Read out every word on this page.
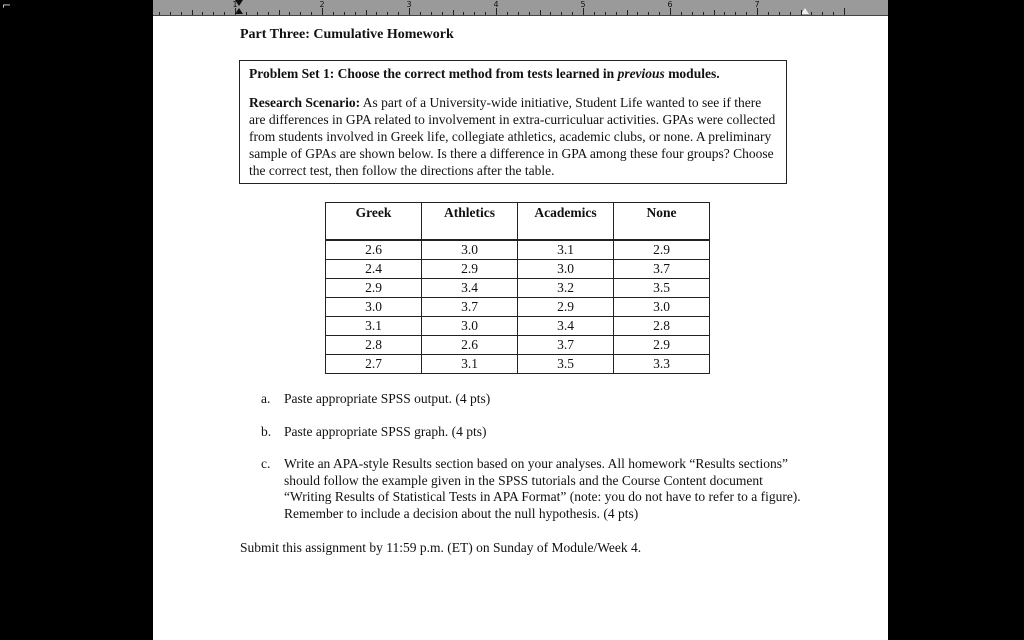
⌐	1	2	3	4	5	6	7
Part Three: Cumulative Homework
Problem Set 1: Choose the correct method from tests learned in previous modules.
Research Scenario: As part of a University-wide initiative, Student Life wanted to see if there are differences in GPA related to involvement in extra-curriculuar activities. GPAs were collected from students involved in Greek life, collegiate athletics, academic clubs, or none. A preliminary sample of GPAs are shown below. Is there a difference in GPA among these four groups? Choose the correct test, then follow the directions after the table.
Greek	Athletics	Academics	None
2.6	3.0	3.1	2.9
2.4	2.9	3.0	3.7
2.9	3.4	3.2	3.5
3.0	3.7	2.9	3.0
3.1	3.0	3.4	2.8
2.8	2.6	3.7	2.9
2.7	3.1	3.5	3.3
a.	Paste appropriate SPSS output. (4 pts)
b. Paste appropriate SPSS graph. (4 pts)
c.	Write an APA-style Results section based on your analyses. All homework “Results sections” should follow the example given in the SPSS tutorials and the Course Content document “Writing Results of Statistical Tests in APA Format” (note: you do not have to refer to a figure). Remember to include a decision about the null hypothesis. (4 pts)
Submit this assignment by 11:59 p.m. (ET) on Sunday of Module/Week 4.
